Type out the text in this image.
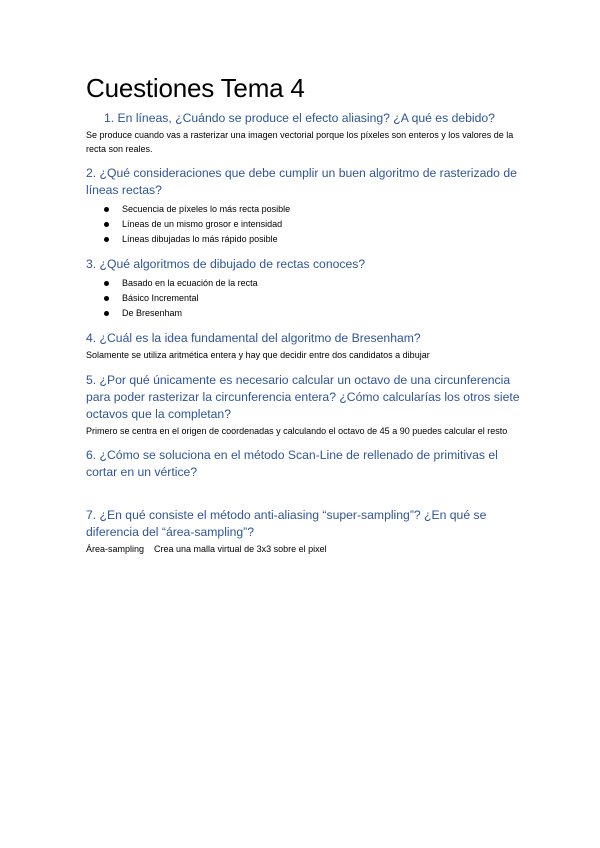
Cuestiones Tema 4

1. En líneas, ¿Cuándo se produce el efecto aliasing? ¿A qué es debido?

Se produce cuando vas a rasterizar una imagen vectorial porque los píxeles son enteros y los valores de la recta son reales.

2. ¿Qué consideraciones que debe cumplir un buen algoritmo de rasterizado de líneas rectas?

Secuencia de píxeles lo más recta posible
Líneas de un mismo grosor e intensidad
Líneas dibujadas lo más rápido posible

3. ¿Qué algoritmos de dibujado de rectas conoces?

Basado en la ecuación de la recta
Básico Incremental
De Bresenham

4. ¿Cuál es la idea fundamental del algoritmo de Bresenham?

Solamente se utiliza aritmética entera y hay que decidir entre dos candidatos a dibujar

5. ¿Por qué únicamente es necesario calcular un octavo de una circunferencia para poder rasterizar la circunferencia entera? ¿Cómo calcularías los otros siete octavos que la completan?

Primero se centra en el origen de coordenadas y calculando el octavo de 45 a 90 puedes calcular el resto

6. ¿Cómo se soluciona en el método Scan-Line de rellenado de primitivas el cortar en un vértice?

7. ¿En qué consiste el método anti-aliasing “super-sampling”? ¿En qué se diferencia del “área-sampling”?

Área-sampling    Crea una malla virtual de 3x3 sobre el pixel
